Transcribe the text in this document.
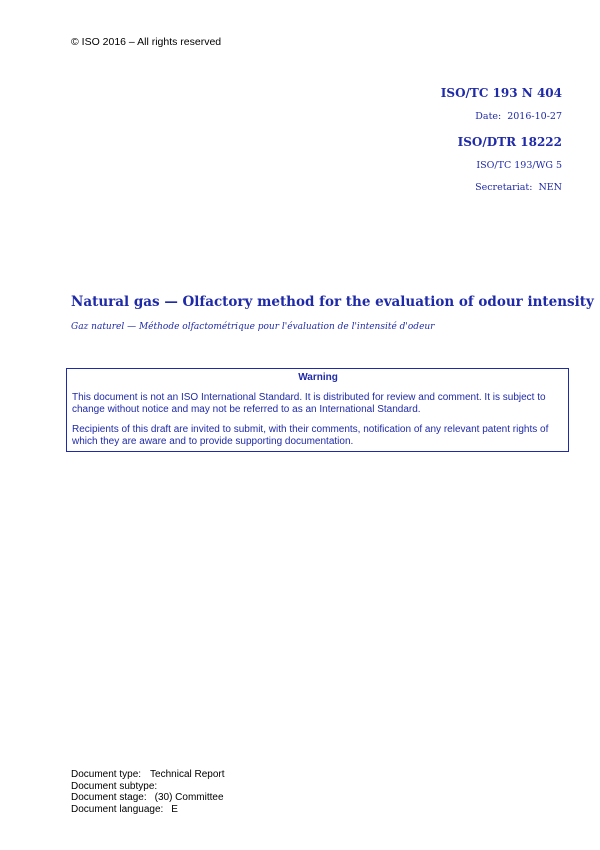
© ISO 2016 – All rights reserved
ISO/TC 193 N 404
Date: 2016-10-27
ISO/DTR 18222
ISO/TC 193/WG 5
Secretariat: NEN
Natural gas — Olfactory method for the evaluation of odour intensity
Gaz naturel — Méthode olfactométrique pour l'évaluation de l'intensité d'odeur
Warning

This document is not an ISO International Standard. It is distributed for review and comment. It is subject to change without notice and may not be referred to as an International Standard.

Recipients of this draft are invited to submit, with their comments, notification of any relevant patent rights of which they are aware and to provide supporting documentation.

Document type: Technical Report
Document subtype:
Document stage: (30) Committee
Document language: E
